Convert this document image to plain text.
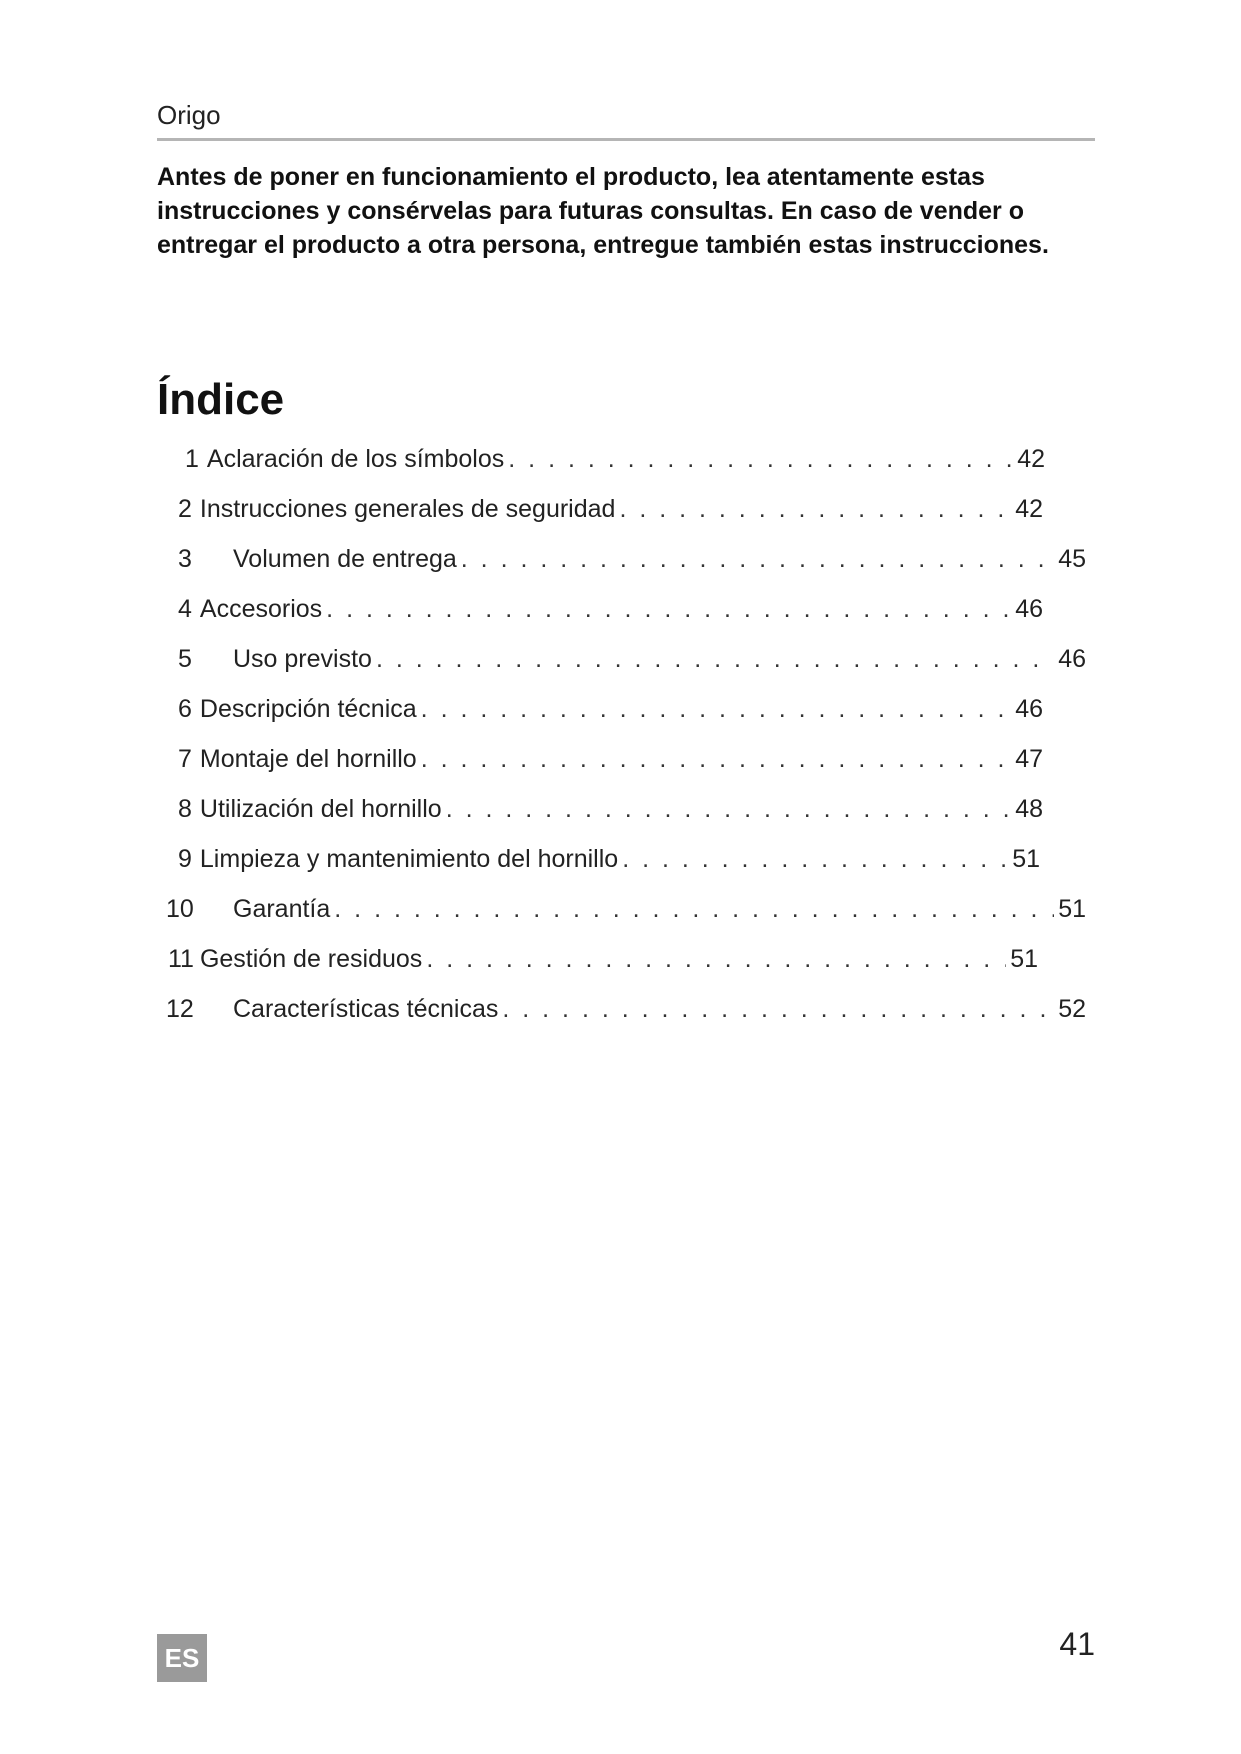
Origo

Antes de poner en funcionamiento el producto, lea atentamente estas instrucciones y consérvelas para futuras consultas. En caso de vender o entregar el producto a otra persona, entregue también estas instrucciones.

Índice
1 Aclaración de los símbolos . . .	42
2 Instrucciones generales de seguridad . . .	42
3	Volumen de entrega . . .	45
4 Accesorios . . .	46
5	Uso previsto . . .	46
6 Descripción técnica . . .	46
7 Montaje del hornillo . . .	47
8 Utilización del hornillo . . .	48
9 Limpieza y mantenimiento del hornillo . . .	51
10	Garantía . . .	51
11 Gestión de residuos . . .	51
12	Características técnicas . . .	52
ES	41
